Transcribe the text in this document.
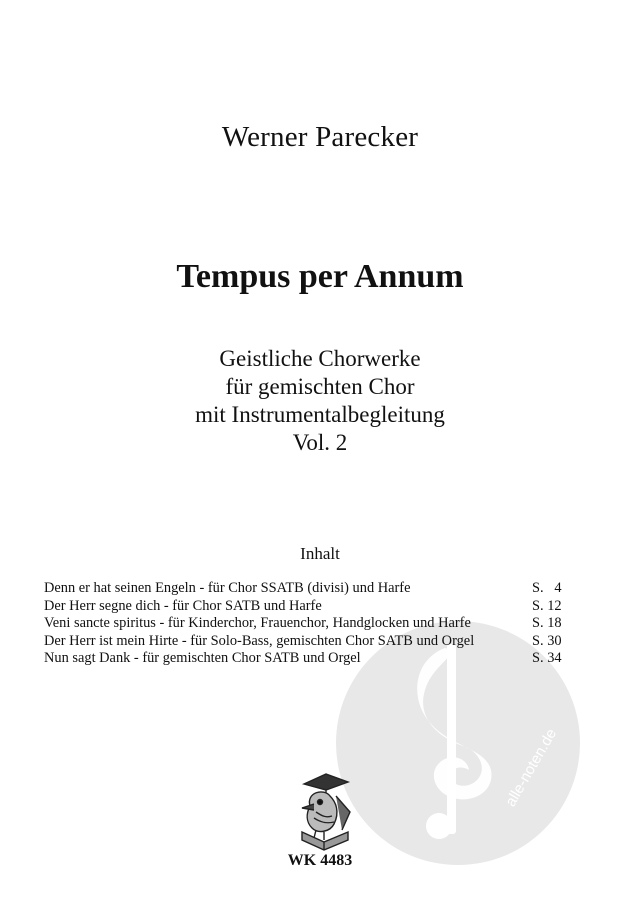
alle-noten.de
Werner Parecker
Tempus per Annum
Geistliche Chorwerke
für gemischten Chor
mit Instrumentalbegleitung
Vol. 2
Inhalt
Denn er hat seinen Engeln - für Chor SSATB (divisi) und Harfe	S.   4
Der Herr segne dich - für Chor SATB und Harfe	S. 12
Veni sancte spiritus - für Kinderchor, Frauenchor, Handglocken und Harfe	S. 18
Der Herr ist mein Hirte - für Solo-Bass, gemischten Chor SATB und Orgel	S. 30
Nun sagt Dank - für gemischten Chor SATB und Orgel	S. 34
WK 4483
